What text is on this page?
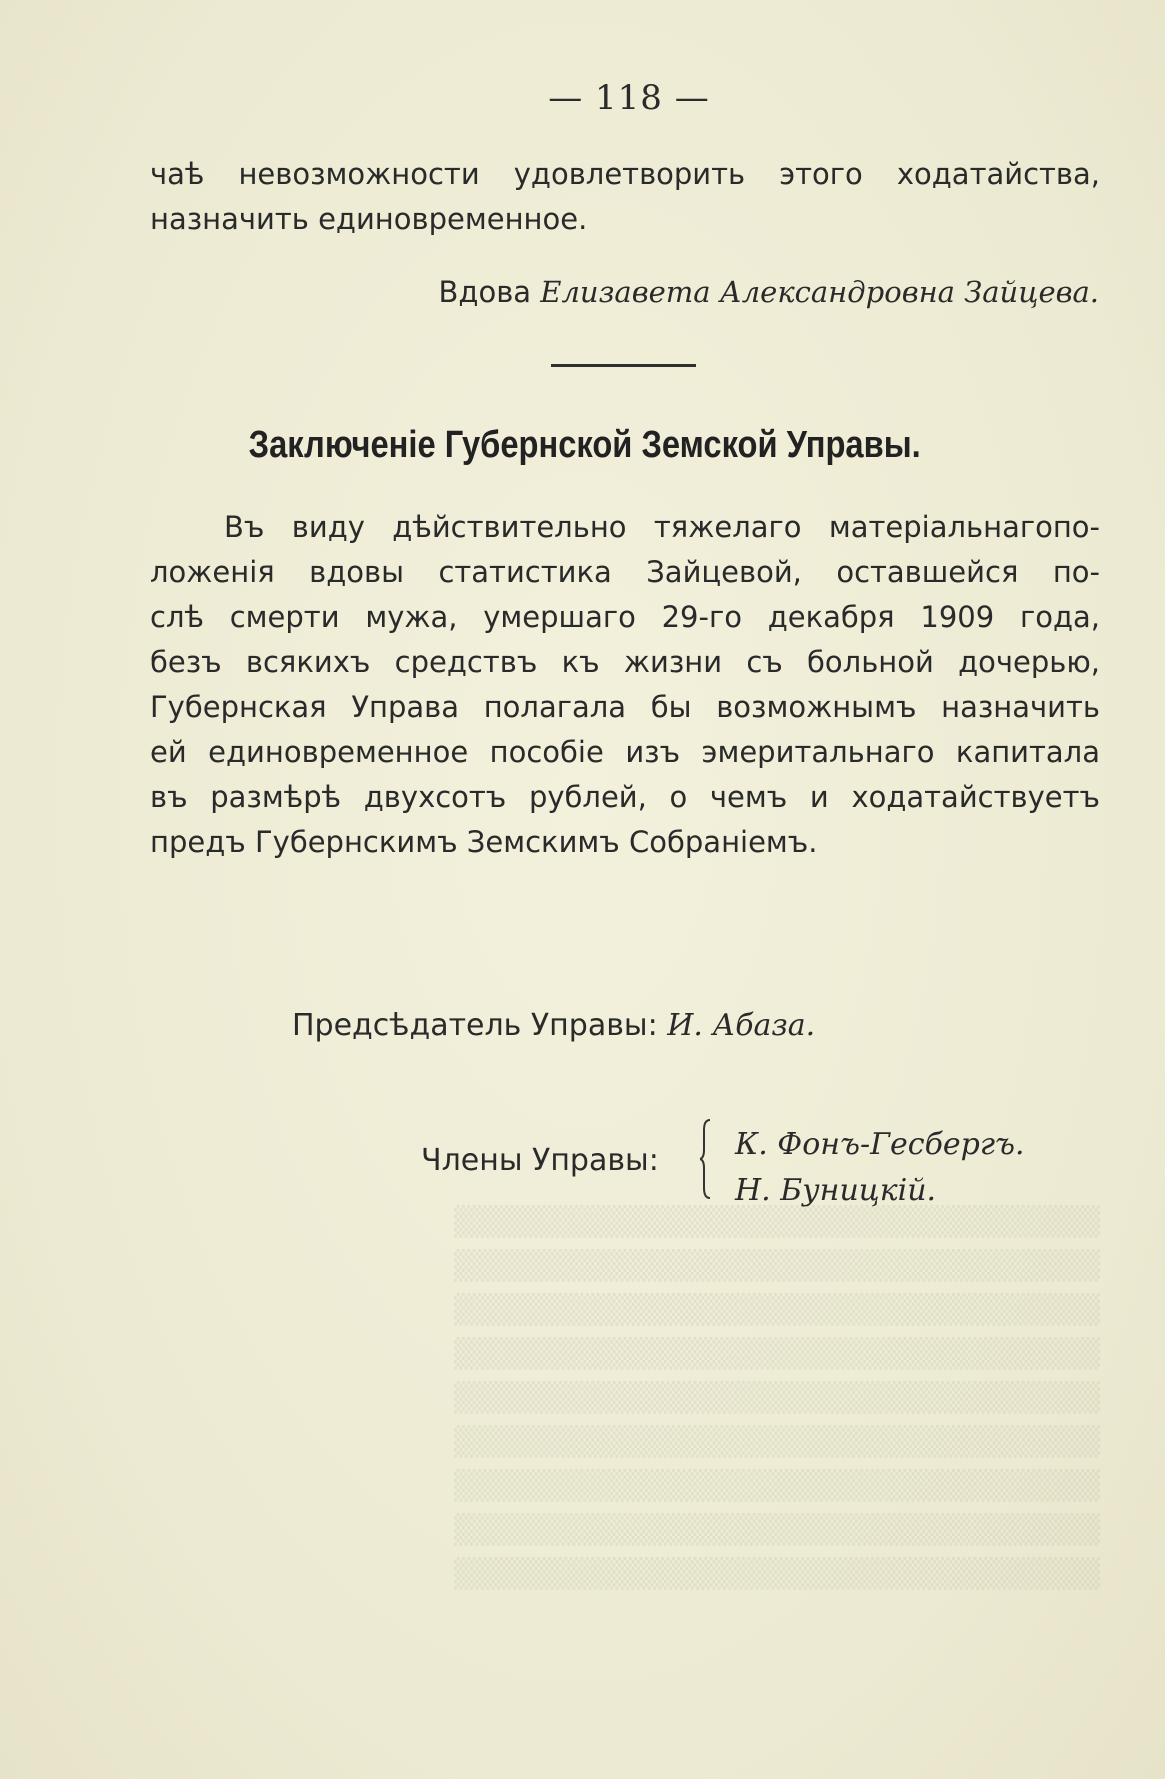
▒▒▒▒▒▒▒▒▒▒▒▒▒▒▒▒▒▒▒▒▒▒▒▒▒▒▒▒▒▒
▒▒▒▒▒▒▒▒▒▒▒▒▒▒▒▒▒▒▒▒▒▒▒▒▒▒▒▒▒▒
▒▒▒▒▒▒▒▒▒▒▒▒▒▒▒▒▒▒▒▒▒▒▒▒▒▒▒▒▒▒
▒▒▒▒▒▒▒▒▒▒▒▒▒▒▒▒▒▒▒▒▒▒▒▒▒▒▒▒▒▒
▒▒▒▒▒▒▒▒▒▒▒▒▒▒▒▒▒▒▒▒▒▒▒▒▒▒▒▒▒▒
▒▒▒▒▒▒▒▒▒▒▒▒▒▒▒▒▒▒▒▒▒▒▒▒▒▒▒▒▒▒
▒▒▒▒▒▒▒▒▒▒▒▒▒▒▒▒▒▒▒▒▒▒▒▒▒▒▒▒▒▒
▒▒▒▒▒▒▒▒▒▒▒▒▒▒▒▒▒▒▒▒▒▒▒▒▒▒▒▒▒▒
▒▒▒▒▒▒▒▒▒▒▒▒▒▒▒▒▒▒▒▒▒▒▒▒▒▒▒▒▒▒
— 118 —
чаѣ невозможности удовлетворить этого ходатайства,
назначить единовременное.
Вдова Елизавета Александровна Зайцева.
Заключеніе Губернской Земской Управы.
Въ виду дѣйствительно тяжелаго матеріальнагопо-
ложенія вдовы статистика Зайцевой, оставшейся по-
слѣ смерти мужа, умершаго 29-го декабря 1909 года,
безъ всякихъ средствъ къ жизни съ больной дочерью,
Губернская Управа полагала бы возможнымъ назначить
ей единовременное пособіе изъ эмеритальнаго капитала
въ размѣрѣ двухсотъ рублей, о чемъ и ходатайствуетъ
предъ Губернскимъ Земскимъ Собраніемъ.
Предсѣдатель Управы: И. Абаза.
Члены Управы:	К. Фонъ-Гесбергъ.
Н. Буницкій.
